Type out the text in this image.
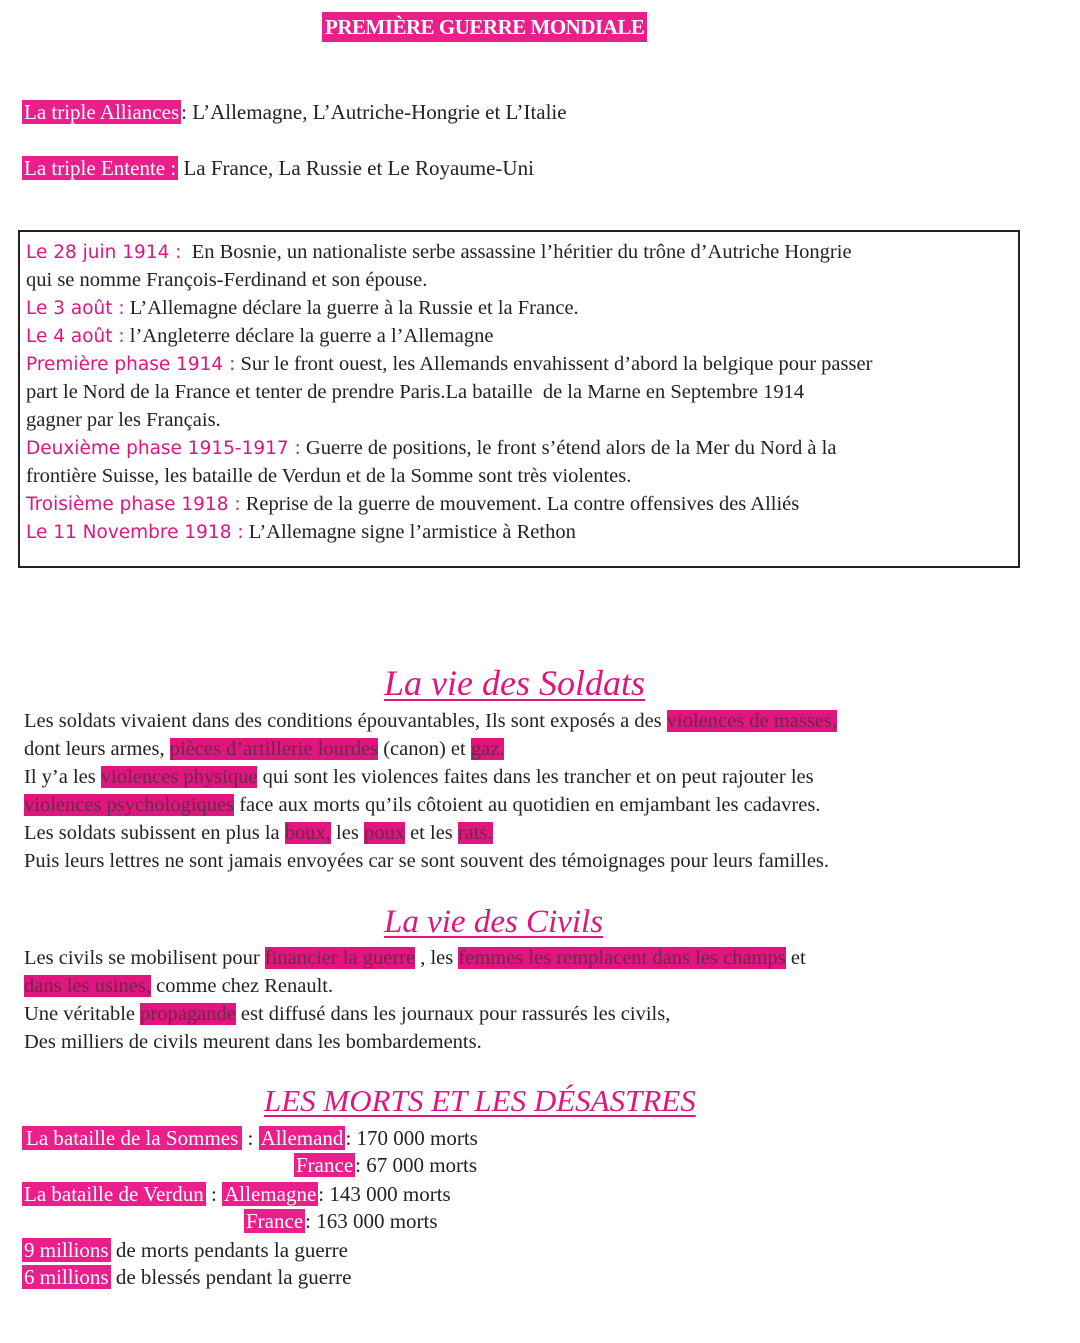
PREMIÈRE GUERRE MONDIALE
La triple Alliances: L’Allemagne, L’Autriche-Hongrie et L’Italie
La triple Entente : La France, La Russie et Le Royaume-Uni
Le 28 juin 1914 :  En Bosnie, un nationaliste serbe assassine l’héritier du trône d’Autriche Hongrie
qui se nomme François-Ferdinand et son épouse.
Le 3 août : L’Allemagne déclare la guerre à la Russie et la France.
Le 4 août : l’Angleterre déclare la guerre a l’Allemagne
Première phase 1914 : Sur le front ouest, les Allemands envahissent d’abord la belgique pour passer
part le Nord de la France et tenter de prendre Paris.La bataille  de la Marne en Septembre 1914
gagner par les Français.
Deuxième phase 1915-1917 : Guerre de positions, le front s’étend alors de la Mer du Nord à la
frontière Suisse, les bataille de Verdun et de la Somme sont très violentes.
Troisième phase 1918 : Reprise de la guerre de mouvement. La contre offensives des Alliés
Le 11 Novembre 1918 : L’Allemagne signe l’armistice à Rethon
La vie des Soldats
Les soldats vivaient dans des conditions épouvantables, Ils sont exposés a des violences de masses,
dont leurs armes, pièces d’artillerie lourdes (canon) et gaz.
Il y’a les violences physique qui sont les violences faites dans les trancher et on peut rajouter les
violences psychologiques face aux morts qu’ils côtoient au quotidien en emjambant les cadavres.
Les soldats subissent en plus la boux, les poux et les rats.
Puis leurs lettres ne sont jamais envoyées car se sont souvent des témoignages pour leurs familles.
La vie des Civils
Les civils se mobilisent pour financier la guerre , les femmes les remplacent dans les champs et
dans les usines, comme chez Renault.
Une véritable propagande est diffusé dans les journaux pour rassurés les civils,
Des milliers de civils meurent dans les bombardements.
LES MORTS ET LES DÉSASTRES
La bataille de la Sommes : Allemand: 170 000 morts
France: 67 000 morts
La bataille de Verdun : Allemagne: 143 000 morts
France: 163 000 morts
9 millions de morts pendants la guerre
6 millions de blessés pendant la guerre
